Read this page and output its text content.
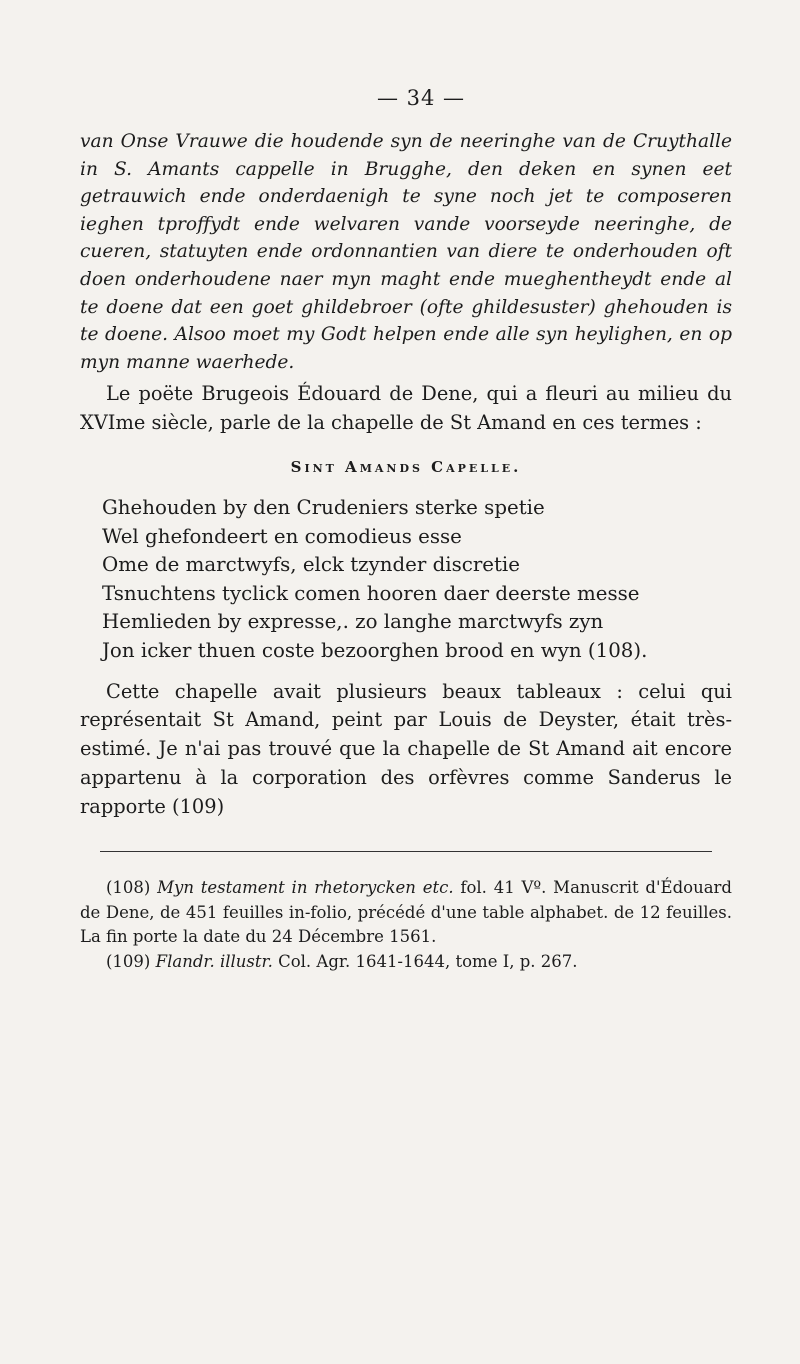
— 34 —
van Onse Vrauwe die houdende syn de neeringhe van de Cruythalle in S. Amants cappelle in Brugghe, den deken en synen eet getrauwich ende onderdaenigh te syne noch jet te composeren ieghen tproffydt ende welvaren vande voorseyde neeringhe, de cueren, statuyten ende ordonnantien van diere te onderhouden oft doen onderhoudene naer myn maght ende mueghentheydt ende al te doene dat een goet ghildebroer (ofte ghildesuster) ghehouden is te doene. Alsoo moet my Godt helpen ende alle syn heylighen, en op myn manne waerhede.

Le poëte Brugeois Édouard de Dene, qui a fleuri au milieu du XVIme siècle, parle de la chapelle de St Amand en ces termes :

Sint Amands Capelle.
Ghehouden by den Crudeniers sterke spetie
Wel ghefondeert en comodieus esse
Ome de marctwyfs, elck tzynder discretie
Tsnuchtens tyclick comen hooren daer deerste messe
Hemlieden by expresse,. zo langhe marctwyfs zyn
Jon icker thuen coste bezoorghen brood en wyn (108).

Cette chapelle avait plusieurs beaux tableaux : celui qui représentait St Amand, peint par Louis de Deyster, était très-estimé. Je n'ai pas trouvé que la chapelle de St Amand ait encore appartenu à la corporation des orfèvres comme Sanderus le rapporte (109)

(108) Myn testament in rhetorycken etc. fol. 41 Vº. Manuscrit d'Édouard de Dene, de 451 feuilles in-folio, précédé d'une table alphabet. de 12 feuilles. La fin porte la date du 24 Décembre 1561.

(109) Flandr. illustr. Col. Agr. 1641-1644, tome I, p. 267.
